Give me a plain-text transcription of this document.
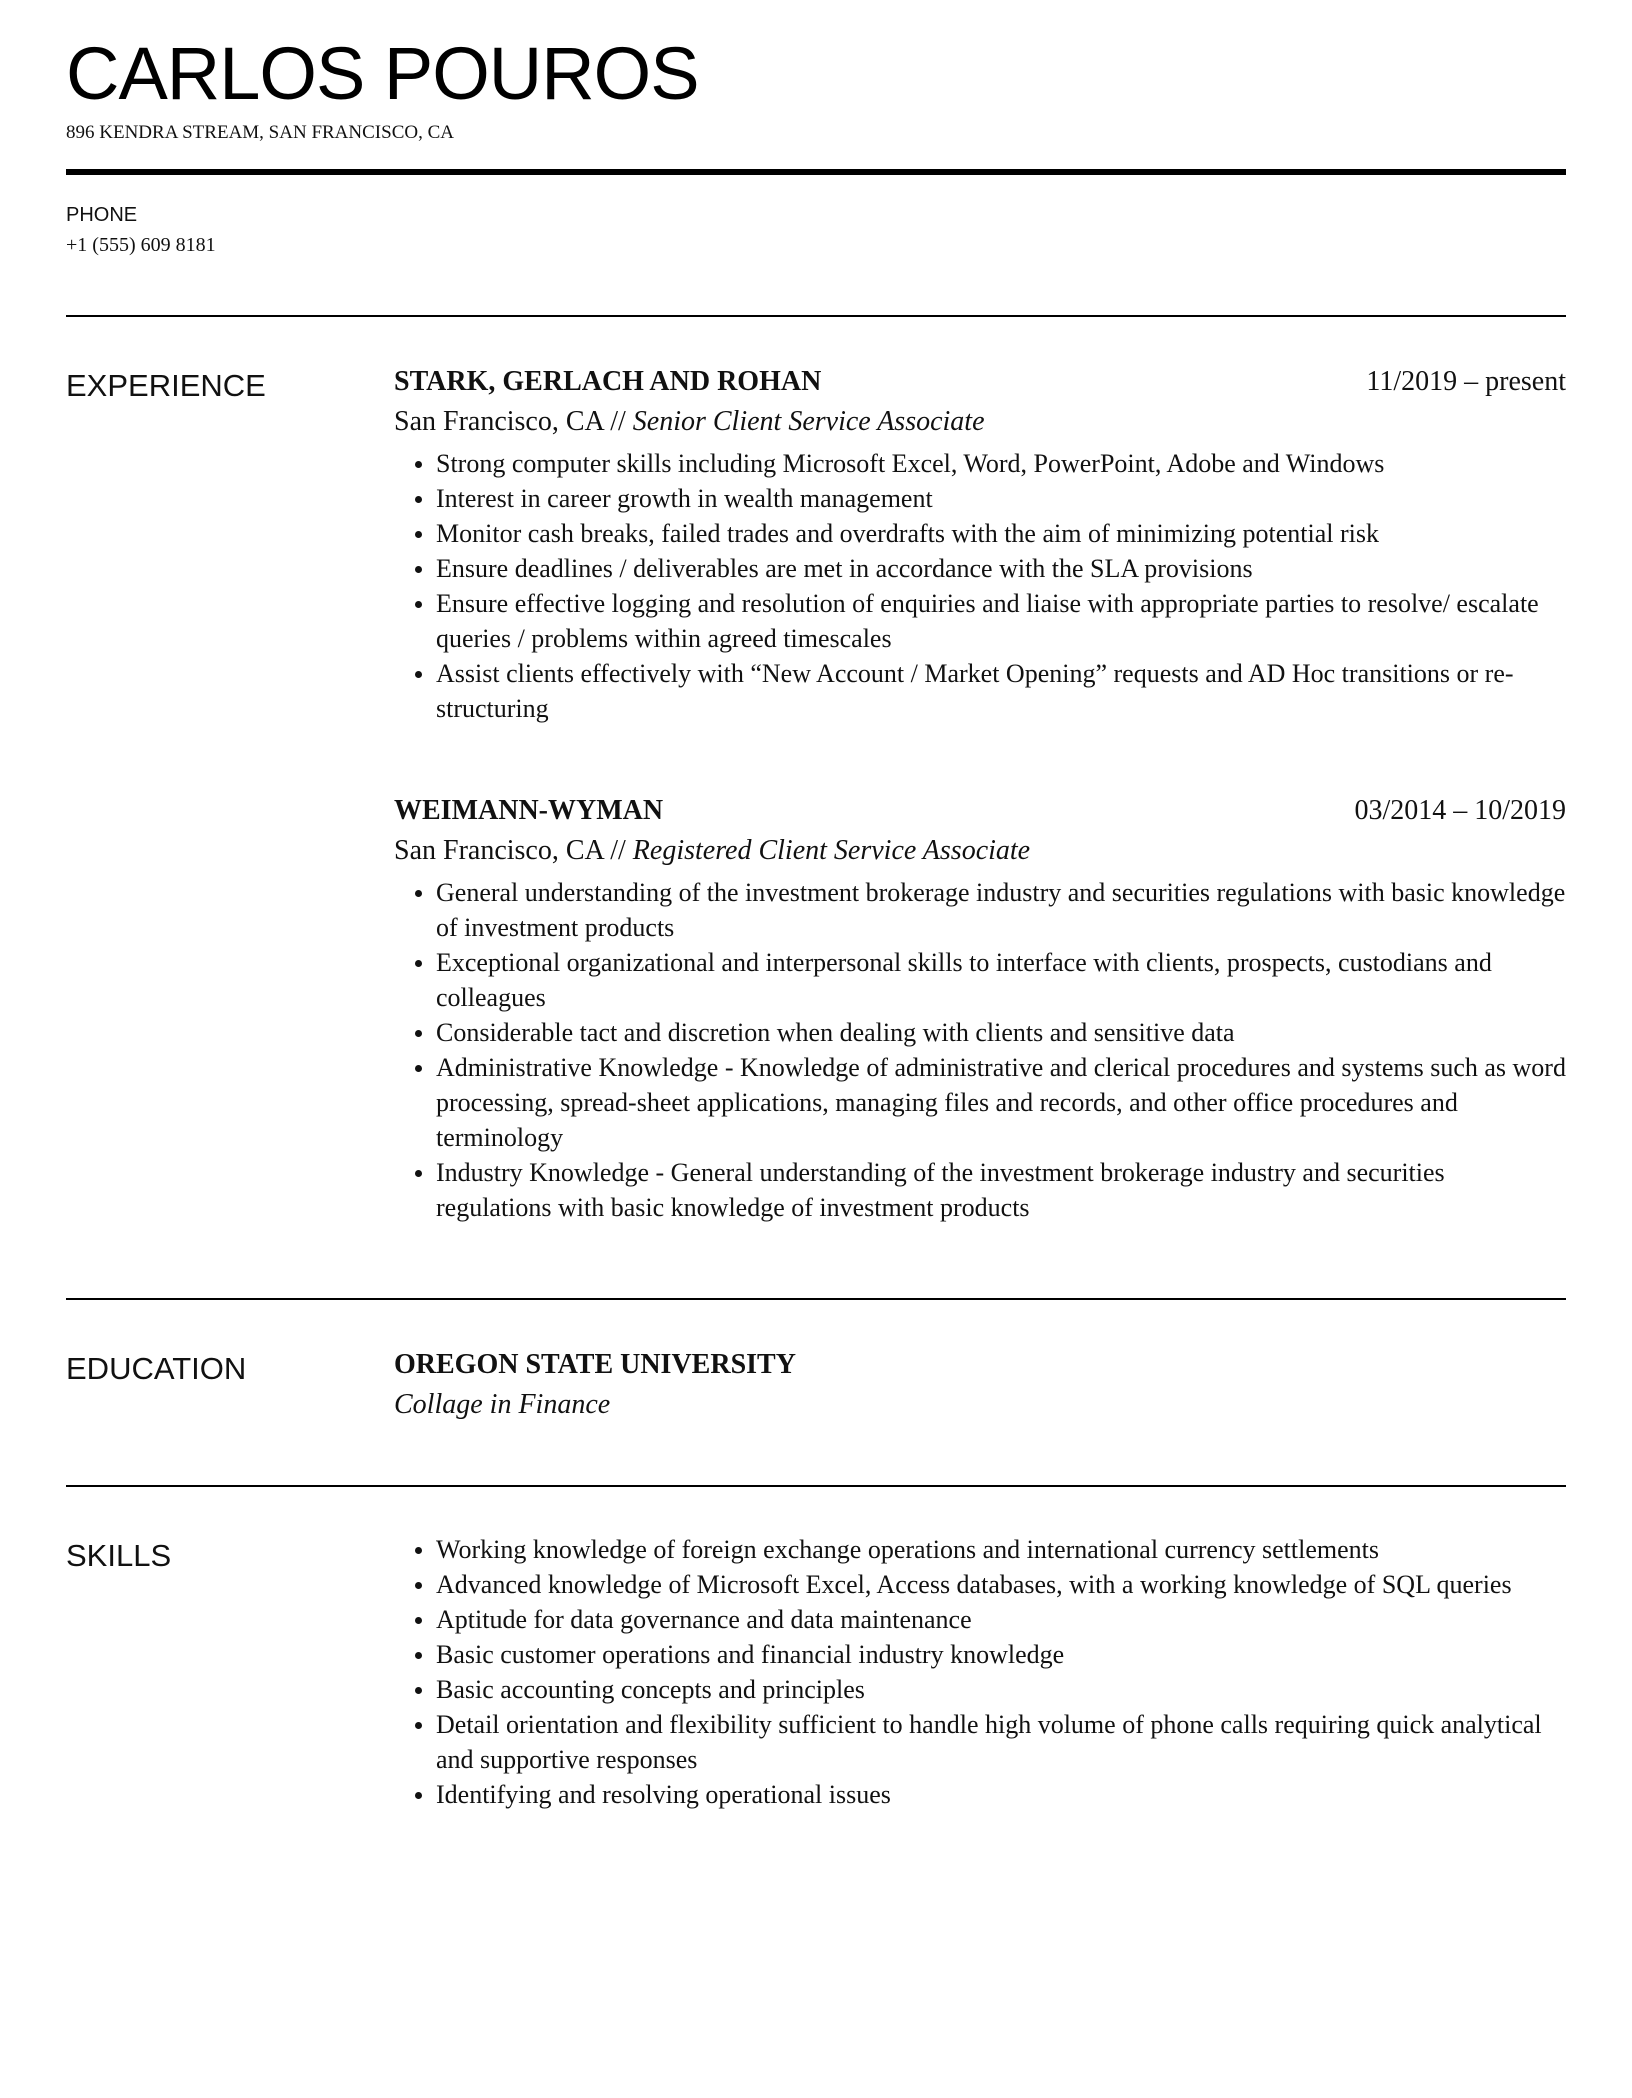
CARLOS POUROS
896 KENDRA STREAM, SAN FRANCISCO, CA
PHONE
+1 (555) 609 8181
EXPERIENCE	STARK, GERLACH AND ROHAN	11/2019 – present
San Francisco, CA // Senior Client Service Associate
Strong computer skills including Microsoft Excel, Word, PowerPoint, Adobe and Windows
Interest in career growth in wealth management
Monitor cash breaks, failed trades and overdrafts with the aim of minimizing potential risk
Ensure deadlines / deliverables are met in accordance with the SLA provisions
Ensure effective logging and resolution of enquiries and liaise with appropriate parties to resolve/ escalate queries / problems within agreed timescales
Assist clients effectively with “New Account / Market Opening” requests and AD Hoc transitions or re-structuring
WEIMANN-WYMAN	03/2014 – 10/2019
San Francisco, CA // Registered Client Service Associate
General understanding of the investment brokerage industry and securities regulations with basic knowledge of investment products
Exceptional organizational and interpersonal skills to interface with clients, prospects, custodians and colleagues
Considerable tact and discretion when dealing with clients and sensitive data
Administrative Knowledge - Knowledge of administrative and clerical procedures and systems such as word processing, spread-sheet applications, managing files and records, and other office procedures and terminology
Industry Knowledge - General understanding of the investment brokerage industry and securities regulations with basic knowledge of investment products
EDUCATION	OREGON STATE UNIVERSITY
Collage in Finance
SKILLS	Working knowledge of foreign exchange operations and international currency settlements
Advanced knowledge of Microsoft Excel, Access databases, with a working knowledge of SQL queries
Aptitude for data governance and data maintenance
Basic customer operations and financial industry knowledge
Basic accounting concepts and principles
Detail orientation and flexibility sufficient to handle high volume of phone calls requiring quick analytical and supportive responses
Identifying and resolving operational issues
